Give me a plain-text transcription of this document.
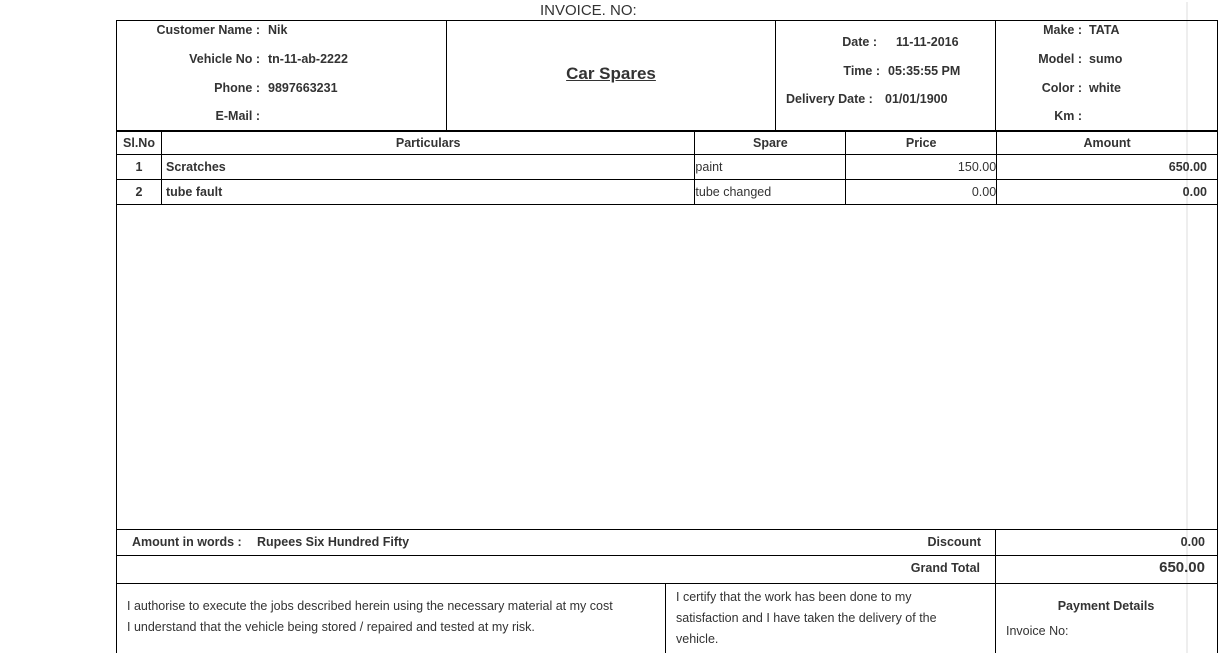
INVOICE. NO:
Customer Name : Nik
Vehicle No : tn-11-ab-2222
Phone : 9897663231
E-Mail :
Car Spares
Date : 11-11-2016
Time : 05:35:55 PM
Delivery Date : 01/01/1900
Make : TATA
Model : sumo
Color : white
Km :
Sl.No	Particulars	Spare	Price	Amount
1	Scratches	paint	150.00	650.00
2	tube fault	tube changed	0.00	0.00
Amount in words : Rupees Six Hundred Fifty	Discount	0.00
Grand Total	650.00
I authorise to execute the jobs described herein using the necessary material at my cost
I understand that the vehicle being stored / repaired and tested at my risk.
I certify that the work has been done to my
satisfaction and I have taken the delivery of the
vehicle.
Payment Details
Invoice No:
